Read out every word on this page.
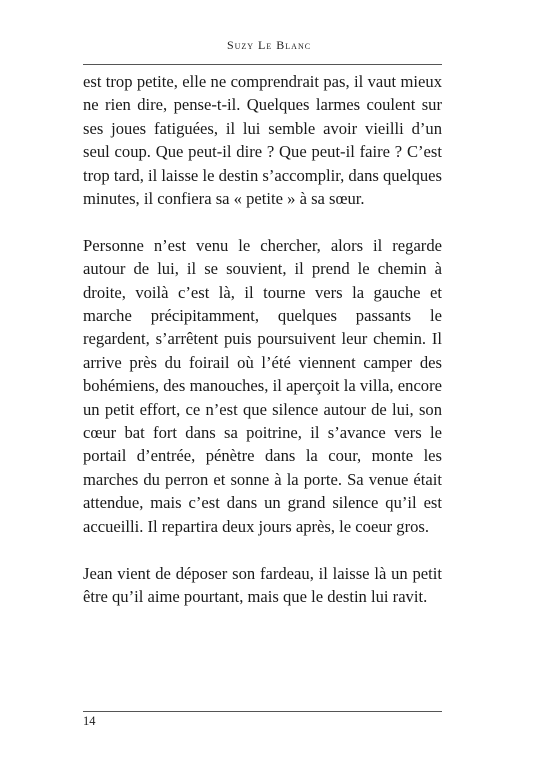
Suzy Le Blanc

est trop petite, elle ne comprendrait pas, il vaut mieux ne rien dire, pense-t-il. Quelques larmes coulent sur ses joues fatiguées, il lui semble avoir vieilli d’un seul coup. Que peut-il dire ? Que peut-il faire ? C’est trop tard, il laisse le destin s’accomplir, dans quelques minutes, il confiera sa « petite » à sa sœur.

Personne n’est venu le chercher, alors il regarde autour de lui, il se souvient, il prend le chemin à droite, voilà c’est là, il tourne vers la gauche et marche précipitamment, quelques passants le regardent, s’arrêtent puis poursuivent leur chemin. Il arrive près du foirail où l’été viennent camper des bohémiens, des manouches, il aperçoit la villa, encore un petit effort, ce n’est que silence autour de lui, son cœur bat fort dans sa poitrine, il s’avance vers le portail d’entrée, pénètre dans la cour, monte les marches du perron et sonne à la porte. Sa venue était attendue, mais c’est dans un grand silence qu’il est accueilli. Il repartira deux jours après, le coeur gros.

Jean vient de déposer son fardeau, il laisse là un petit être qu’il aime pourtant, mais que le destin lui ravit.

14
